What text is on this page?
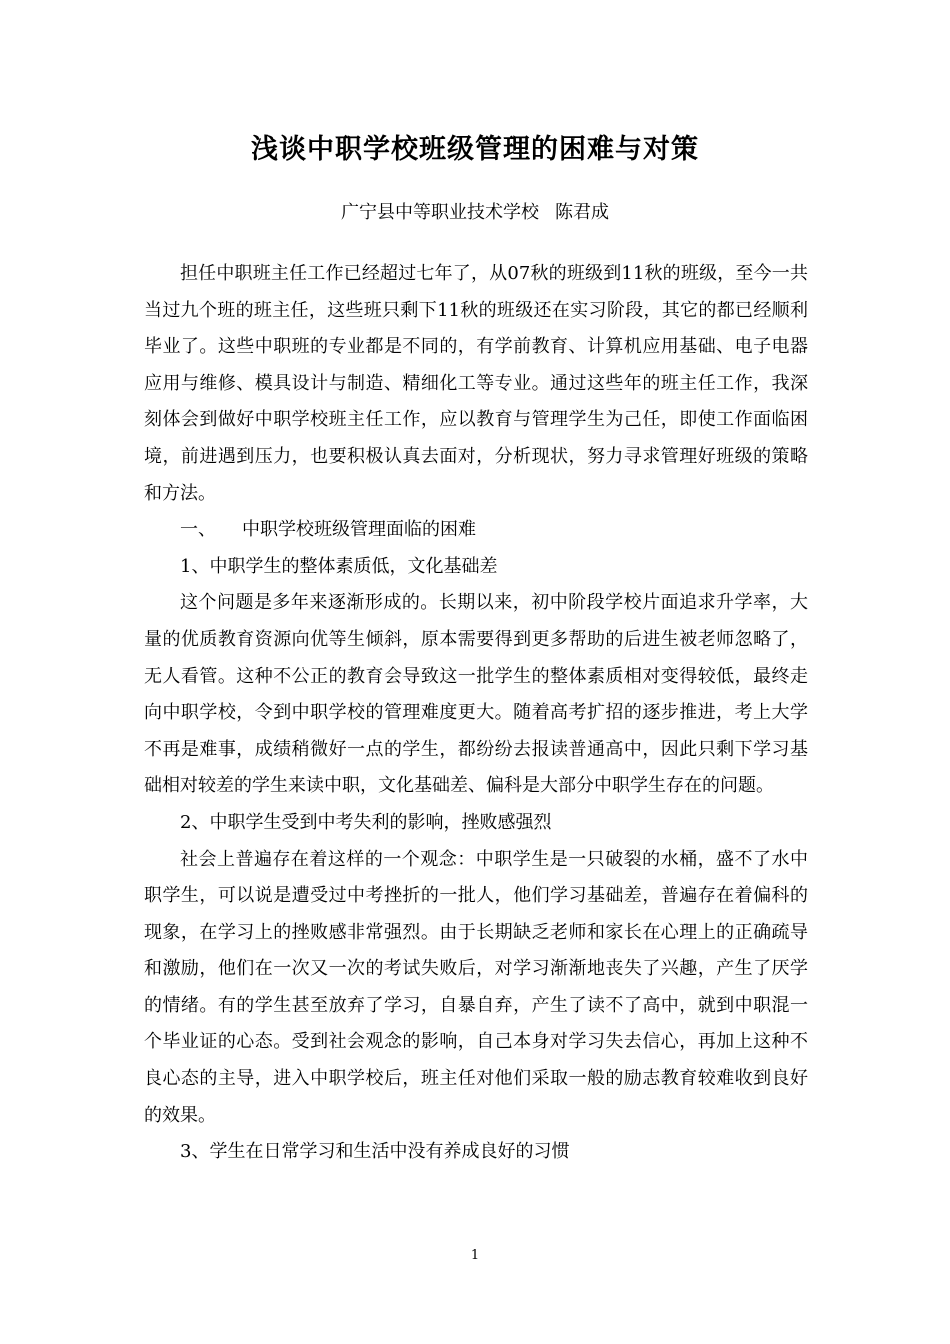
浅谈中职学校班级管理的困难与对策
广宁县中等职业技术学校 陈君成

担任中职班主任工作已经超过七年了，从07秋的班级到11秋的班级，至今一共当过九个班的班主任，这些班只剩下11秋的班级还在实习阶段，其它的都已经顺利毕业了。这些中职班的专业都是不同的，有学前教育、计算机应用基础、电子电器应用与维修、模具设计与制造、精细化工等专业。通过这些年的班主任工作，我深刻体会到做好中职学校班主任工作，应以教育与管理学生为己任，即使工作面临困境，前进遇到压力，也要积极认真去面对，分析现状，努力寻求管理好班级的策略和方法。

一、 中职学校班级管理面临的困难

1、中职学生的整体素质低，文化基础差

这个问题是多年来逐渐形成的。长期以来，初中阶段学校片面追求升学率，大量的优质教育资源向优等生倾斜，原本需要得到更多帮助的后进生被老师忽略了，无人看管。这种不公正的教育会导致这一批学生的整体素质相对变得较低，最终走向中职学校，令到中职学校的管理难度更大。随着高考扩招的逐步推进，考上大学不再是难事，成绩稍微好一点的学生，都纷纷去报读普通高中，因此只剩下学习基础相对较差的学生来读中职，文化基础差、偏科是大部分中职学生存在的问题。

2、中职学生受到中考失利的影响，挫败感强烈

社会上普遍存在着这样的一个观念：中职学生是一只破裂的水桶，盛不了水中职学生，可以说是遭受过中考挫折的一批人，他们学习基础差，普遍存在着偏科的现象，在学习上的挫败感非常强烈。由于长期缺乏老师和家长在心理上的正确疏导和激励，他们在一次又一次的考试失败后，对学习渐渐地丧失了兴趣，产生了厌学的情绪。有的学生甚至放弃了学习，自暴自弃，产生了读不了高中，就到中职混一个毕业证的心态。受到社会观念的影响，自己本身对学习失去信心，再加上这种不良心态的主导，进入中职学校后，班主任对他们采取一般的励志教育较难收到良好的效果。

3、学生在日常学习和生活中没有养成良好的习惯

1
